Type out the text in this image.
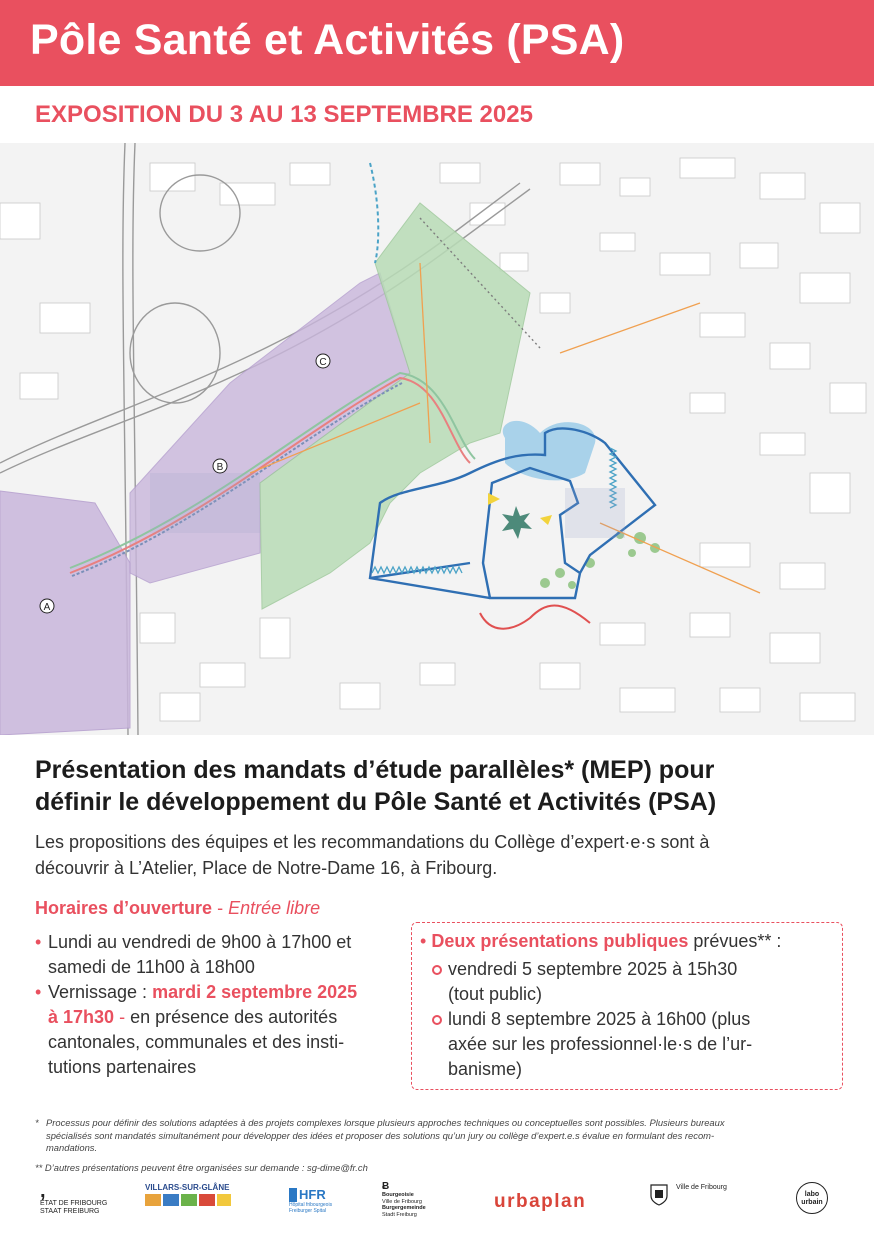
Pôle Santé et Activités (PSA)
EXPOSITION DU 3 AU 13 SEPTEMBRE 2025
A
B
C
Présentation des mandats d’étude parallèles* (MEP) pour
définir le développement du Pôle Santé et Activités (PSA)
Les propositions des équipes et les recommandations du Collège d’expert·e·s sont à
découvrir à L’Atelier, Place de Notre-Dame 16, à Fribourg.
Horaires d’ouverture - Entrée libre
• Lundi au vendredi de 9h00 à 17h00 et
samedi de 11h00 à 18h00
• Vernissage : mardi 2 septembre 2025
à 17h30 - en présence des autorités
cantonales, communales et des insti-
tutions partenaires
• Deux présentations publiques prévues** :
vendredi 5 septembre 2025 à 15h30
(tout public)
lundi 8 septembre 2025 à 16h00 (plus
axée sur les professionnel·le·s de l’ur-
banisme)
* Processus pour définir des solutions adaptées à des projets complexes lorsque plusieurs approches techniques ou conceptuelles sont possibles. Plusieurs bureaux
spécialisés sont mandatés simultanément pour développer des idées et proposer des solutions qu’un jury ou collège d’expert.e.s évalue en formulant des recom-
mandations.
** D’autres présentations peuvent être organisées sur demande : sg-dime@fr.ch
,
ETAT DE FRIBOURG
STAAT FREIBURG
VILLARS-SUR-GLÂNE	HFR
Hôpital fribourgeois
Freiburger Spital
Ƀ
Bourgeoisie
Ville de Fribourg
Burgergemeinde
Stadt Freiburg
urbaplan
Ville de Fribourg
labo
urbain
